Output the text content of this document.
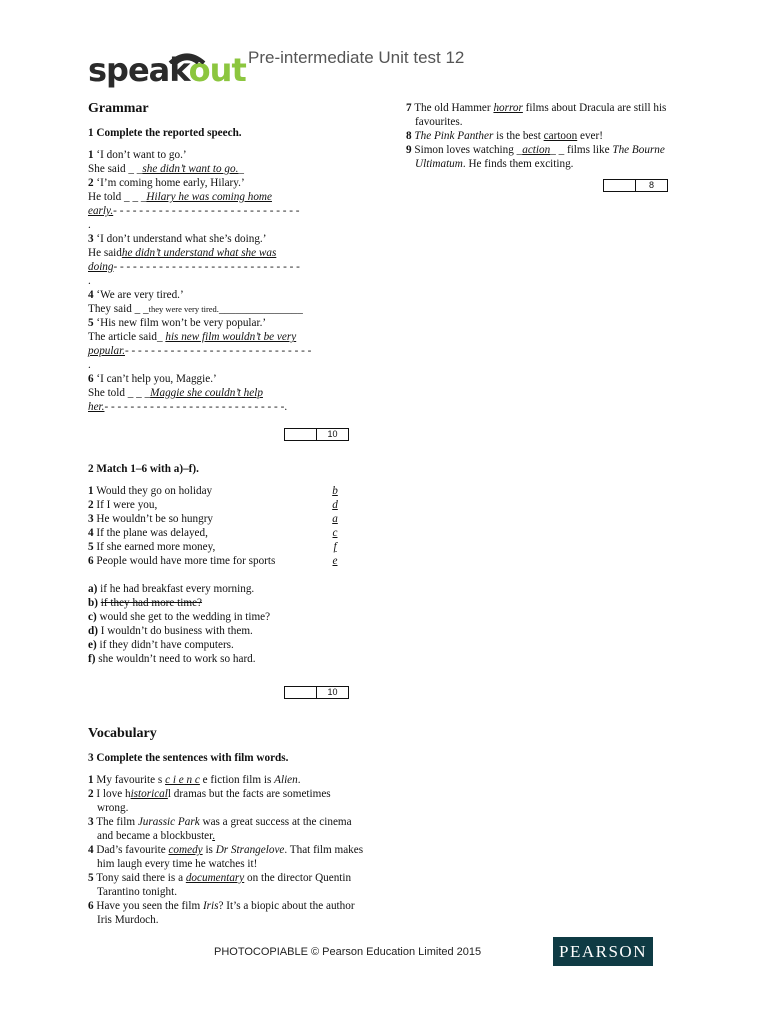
speakout Pre-intermediate Unit test 12
Grammar
1 Complete the reported speech.
1 ‘I don’t want to go.’
She said _ _she didn’t want to go._
2 ‘I’m coming home early, Hilary.’
He told _ _ _Hilary he was coming home
early.- - - - - - - - - - - - - - - - - - - - - - - - - - - - -
.
3 ‘I don’t understand what she’s doing.’
He saidhe didn’t understand what she was
doing- - - - - - - - - - - - - - - - - - - - - - - - - - - - -
.
4 ‘We are very tired.’
They said _ _they were very tired._______________
5 ‘His new film won’t be very popular.’
The article said_ his new film wouldn’t be very
popular.- - - - - - - - - - - - - - - - - - - - - - - - - - - - -
.
6 ‘I can’t help you, Maggie.’
She told _ _ _Maggie she couldn’t help
her.- - - - - - - - - - - - - - - - - - - - - - - - - - - -.
10
2 Match 1–6 with a)–f).
1 Would they go on holiday	b
2 If I were you,	d
3 He wouldn’t be so hungry	a
4 If the plane was delayed,	c
5 If she earned more money,	f
6 People would have more time for sports	e
a) if he had breakfast every morning.
b) if they had more time?
c) would she get to the wedding in time?
d) I wouldn’t do business with them.
e) if they didn’t have computers.
f) she wouldn’t need to work so hard.
10
Vocabulary
3 Complete the sentences with film words.
1 My favourite s c i e n c e fiction film is Alien.
2 I love historicall dramas but the facts are sometimes wrong.
3 The film Jurassic Park was a great success at the cinema and became a blockbuster.
4 Dad’s favourite comedy is Dr Strangelove. That film makes him laugh every time he watches it!
5 Tony said there is a documentary on the director Quentin Tarantino tonight.
6 Have you seen the film Iris? It’s a biopic about the author Iris Murdoch.
7 The old Hammer horror films about Dracula are still his favourites.
8 The Pink Panther is the best cartoon ever!
9 Simon loves watching _action_ _ films like The Bourne Ultimatum. He finds them exciting.
8
PHOTOCOPIABLE © Pearson Education Limited 2015	PEARSON
